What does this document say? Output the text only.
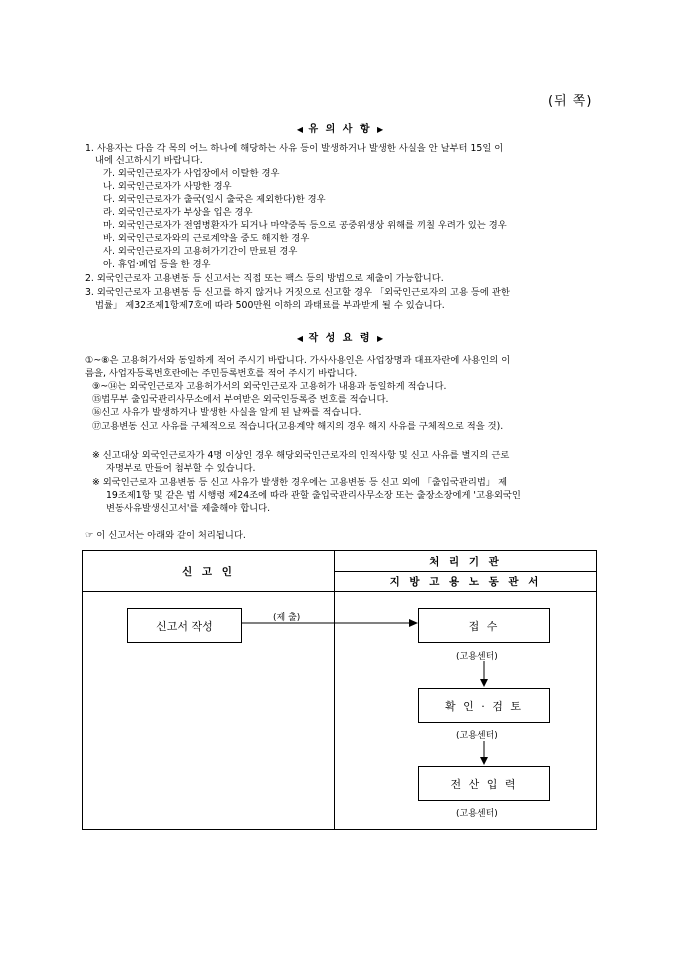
(뒤 쪽)
◀ 유 의 사 항 ▶
1. 사용자는 다음 각 목의 어느 하나에 해당하는 사유 등이 발생하거나 발생한 사실을 안 날부터 15일 이
내에 신고하시기 바랍니다.
가. 외국인근로자가 사업장에서 이탈한 경우
나. 외국인근로자가 사망한 경우
다. 외국인근로자가 출국(일시 출국은 제외한다)한 경우
라. 외국인근로자가 부상을 입은 경우
마. 외국인근로자가 전염병환자가 되거나 마약중독 등으로 공중위생상 위해를 끼칠 우려가 있는 경우
바. 외국인근로자와의 근로계약을 중도 해지한 경우
사. 외국인근로자의 고용허가기간이 만료된 경우
아. 휴업·폐업 등을 한 경우
2. 외국인근로자 고용변동 등 신고서는 직접 또는 팩스 등의 방법으로 제출이 가능합니다.
3. 외국인근로자 고용변동 등 신고를 하지 않거나 거짓으로 신고할 경우 「외국인근로자의 고용 등에 관한
법률」 제32조제1항제7호에 따라 500만원 이하의 과태료를 부과받게 될 수 있습니다.
◀ 작 성 요 령 ▶
①~⑧은 고용허가서와 동일하게 적어 주시기 바랍니다. 가사사용인은 사업장명과 대표자란에 사용인의 이
름을, 사업자등록번호란에는 주민등록번호를 적어 주시기 바랍니다.
⑨~⑭는 외국인근로자 고용허가서의 외국인근로자 고용허가 내용과 동일하게 적습니다.
⑮법무부 출입국관리사무소에서 부여받은 외국인등록증 번호를 적습니다.
⑯신고 사유가 발생하거나 발생한 사실을 알게 된 날짜를 적습니다.
⑰고용변동 신고 사유를 구체적으로 적습니다(고용계약 해지의 경우 해지 사유를 구체적으로 적을 것).
※ 신고대상 외국인근로자가 4명 이상인 경우 해당외국인근로자의 인적사항 및 신고 사유를 별지의 근로
자명부로 만들어 첨부할 수 있습니다.
※ 외국인근로자 고용변동 등 신고 사유가 발생한 경우에는 고용변동 등 신고 외에 「출입국관리법」 제
19조제1항 및 같은 법 시행령 제24조에 따라 관할 출입국관리사무소장 또는 출장소장에게 '고용외국인
변동사유발생신고서'를 제출해야 합니다.
☞ 이 신고서는 아래와 같이 처리됩니다.
신 고 인
처 리 기 관
지 방 고 용 노 동 관 서
신고서 작성
(제 출)
접 수
(고용센터)
확 인 · 검 토
(고용센터)
전 산 입 력
(고용센터)
